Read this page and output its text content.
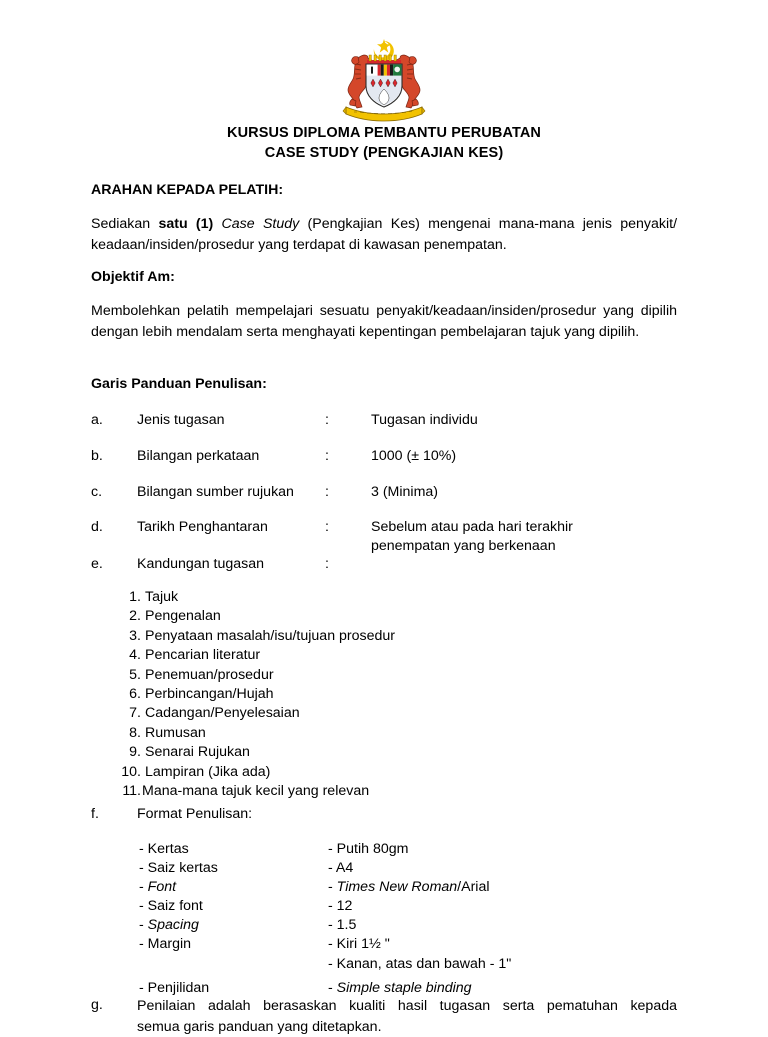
KURSUS DIPLOMA PEMBANTU PERUBATAN
CASE STUDY (PENGKAJIAN KES)
ARAHAN KEPADA PELATIH:
Sediakan satu (1) Case Study (Pengkajian Kes) mengenai mana-mana jenis penyakit/ keadaan/insiden/prosedur yang terdapat di kawasan penempatan.
Objektif Am:
Membolehkan pelatih mempelajari sesuatu penyakit/keadaan/insiden/prosedur yang dipilih dengan lebih mendalam serta menghayati kepentingan pembelajaran tajuk yang dipilih.
Garis Panduan Penulisan:
a.	Jenis tugasan	:	Tugasan individu
b.	Bilangan perkataan	:	1000 (± 10%)
c.	Bilangan sumber rujukan	:	3 (Minima)
d.	Tarikh Penghantaran	:	Sebelum atau pada hari terakhir
penempatan yang berkenaan
e.	Kandungan tugasan	:
1. Tajuk
2. Pengenalan
3. Penyataan masalah/isu/tujuan prosedur
4. Pencarian literatur
5. Penemuan/prosedur
6. Perbincangan/Hujah
7. Cadangan/Penyelesaian
8. Rumusan
9. Senarai Rujukan
10. Lampiran (Jika ada)
11. Mana-mana tajuk kecil yang relevan
f.	Format Penulisan:
- Kertas	- Putih 80gm
- Saiz kertas	- A4
- Font	- Times New Roman/Arial
- Saiz font	- 12
- Spacing	- 1.5
- Margin	- Kiri 1½ "
- Kanan, atas dan bawah - 1"
- Penjilidan	- Simple staple binding
g.	Penilaian adalah berasaskan kualiti hasil tugasan serta pematuhan kepada
semua garis panduan yang ditetapkan.
